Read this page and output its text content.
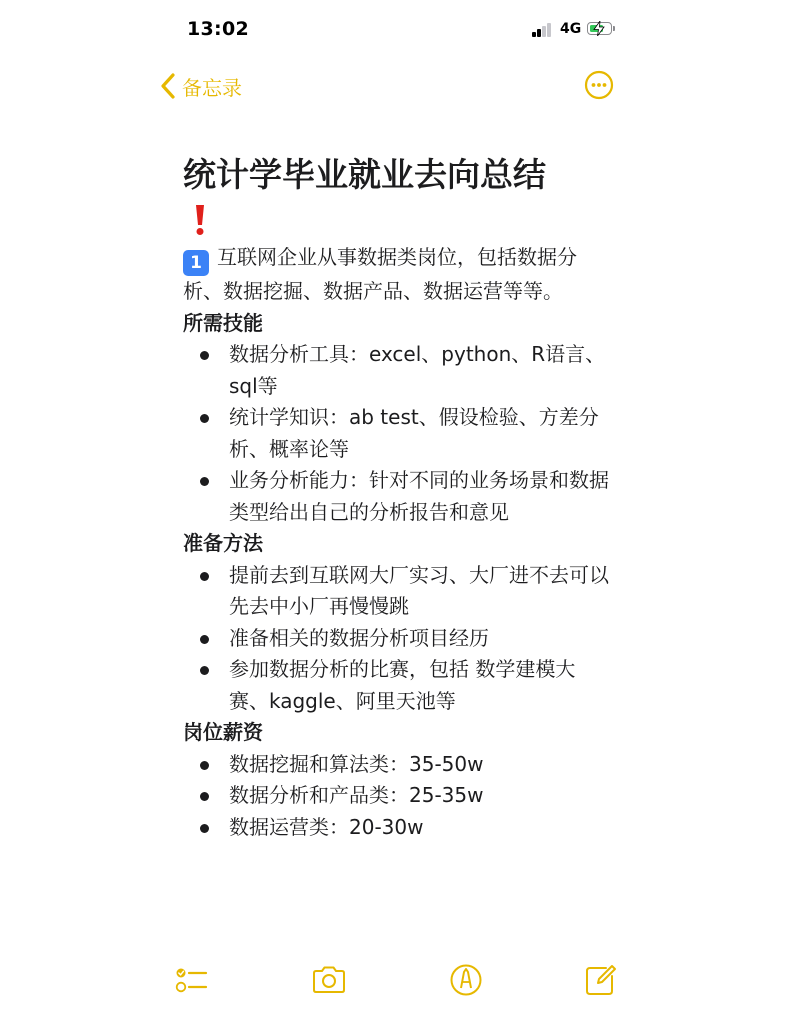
13:02	4G
备忘录
统计学毕业就业去向总结

1 互联网企业从事数据类岗位，包括数据分析、数据挖掘、数据产品、数据运营等等。

所需技能

数据分析工具：excel、python、R语言、sql等
统计学知识：ab test、假设检验、方差分析、概率论等
业务分析能力：针对不同的业务场景和数据类型给出自己的分析报告和意见

准备方法

提前去到互联网大厂实习、大厂进不去可以先去中小厂再慢慢跳
准备相关的数据分析项目经历
参加数据分析的比赛，包括 数学建模大赛、kaggle、阿里天池等

岗位薪资

数据挖掘和算法类：35-50w
数据分析和产品类：25-35w
数据运营类：20-30w
